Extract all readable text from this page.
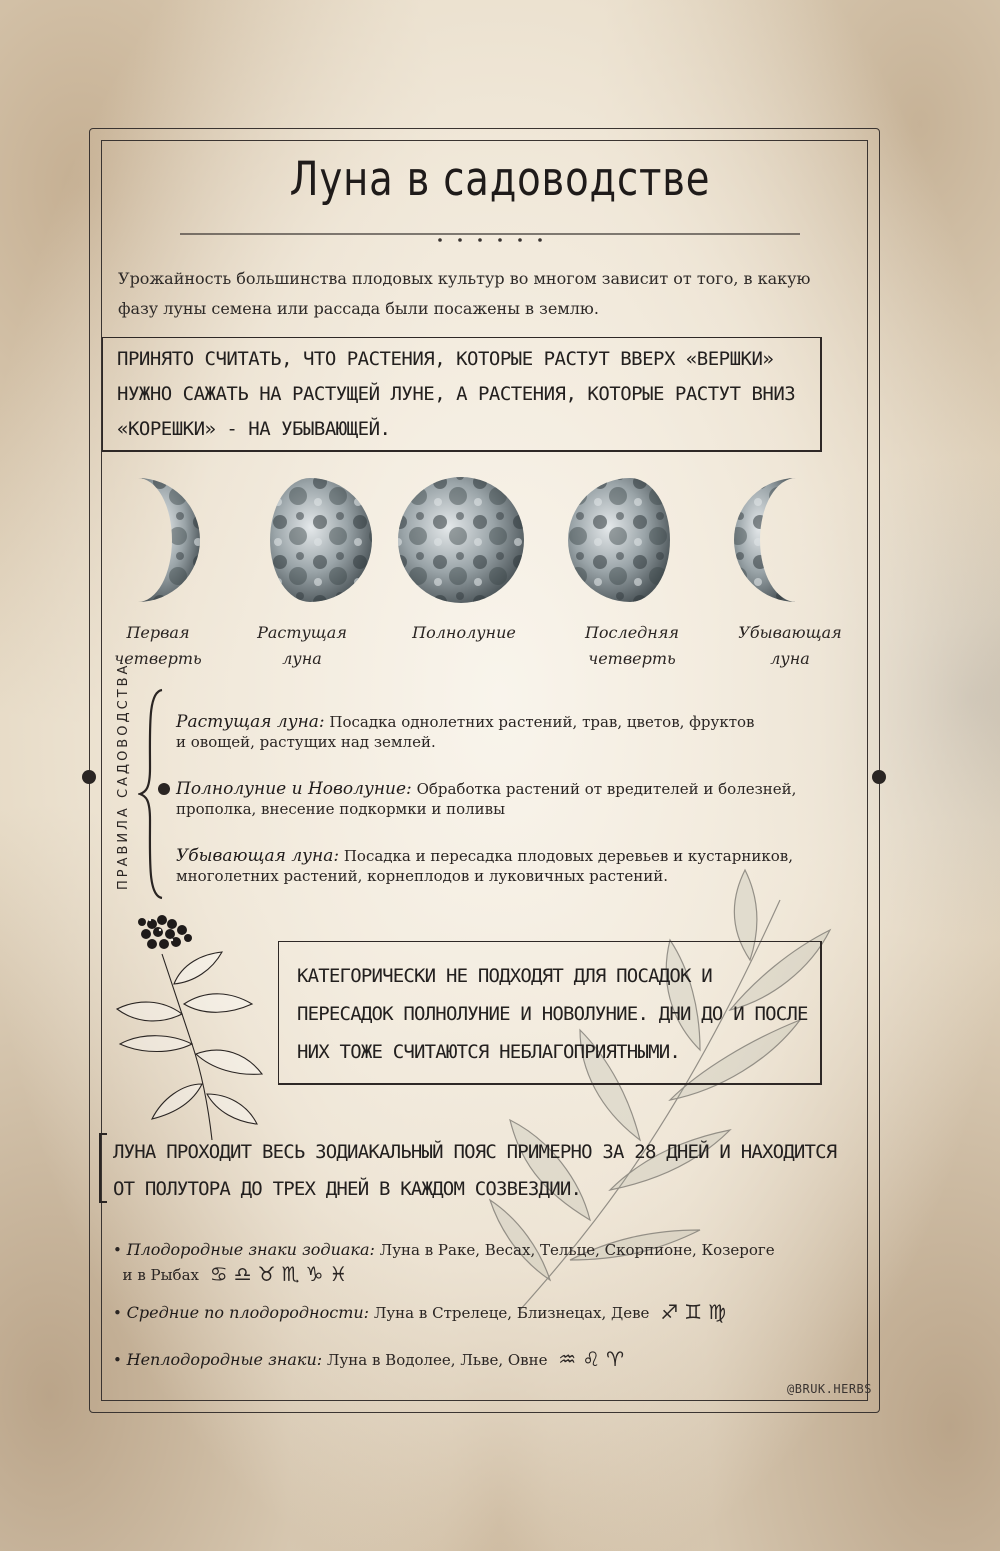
Луна в садоводстве
Урожайность большинства плодовых культур во многом зависит от того, в какую фазу луны семена или рассада были посажены в землю.
ПРИНЯТО СЧИТАТЬ, ЧТО РАСТЕНИЯ, КОТОРЫЕ РАСТУТ ВВЕРХ «ВЕРШКИ» НУЖНО САЖАТЬ НА РАСТУЩЕЙ ЛУНЕ, А РАСТЕНИЯ, КОТОРЫЕ РАСТУТ ВНИЗ «КОРЕШКИ» - НА УБЫВАЮЩЕЙ.
Первая
четверть
Растущая
луна
Полнолуние	Последняя
четверть
Убывающая
луна
ПРАВИЛА САДОВОДСТВА	Растущая луна: Посадка однолетних растений, трав, цветов, фруктов
и овощей, растущих над землей.
Полнолуние и Новолуние: Обработка растений от вредителей и болезней,
прополка, внесение подкормки и поливы
Убывающая луна: Посадка и пересадка плодовых деревьев и кустарников,
многолетних растений, корнеплодов и луковичных растений.
КАТЕГОРИЧЕСКИ НЕ ПОДХОДЯТ ДЛЯ ПОСАДОК И ПЕРЕСАДОК ПОЛНОЛУНИЕ И НОВОЛУНИЕ. ДНИ ДО И ПОСЛЕ НИХ ТОЖЕ СЧИТАЮТСЯ НЕБЛАГОПРИЯТНЫМИ.
ЛУНА ПРОХОДИТ ВЕСЬ ЗОДИАКАЛЬНЫЙ ПОЯС ПРИМЕРНО ЗА 28 ДНЕЙ И НАХОДИТСЯ ОТ ПОЛУТОРА ДО ТРЕХ ДНЕЙ В КАЖДОМ СОЗВЕЗДИИ.
• Плодородные знаки зодиака: Луна в Раке, Весах, Тельце, Скорпионе, Козероге
и в Рыбах ♋♎♉♏♑♓
• Средние по плодородности: Луна в Стрелеце, Близнецах, Деве ♐♊♍
• Неплодородные знаки: Луна в Водолее, Льве, Овне ♒♌♈
@BRUK.HERBS
